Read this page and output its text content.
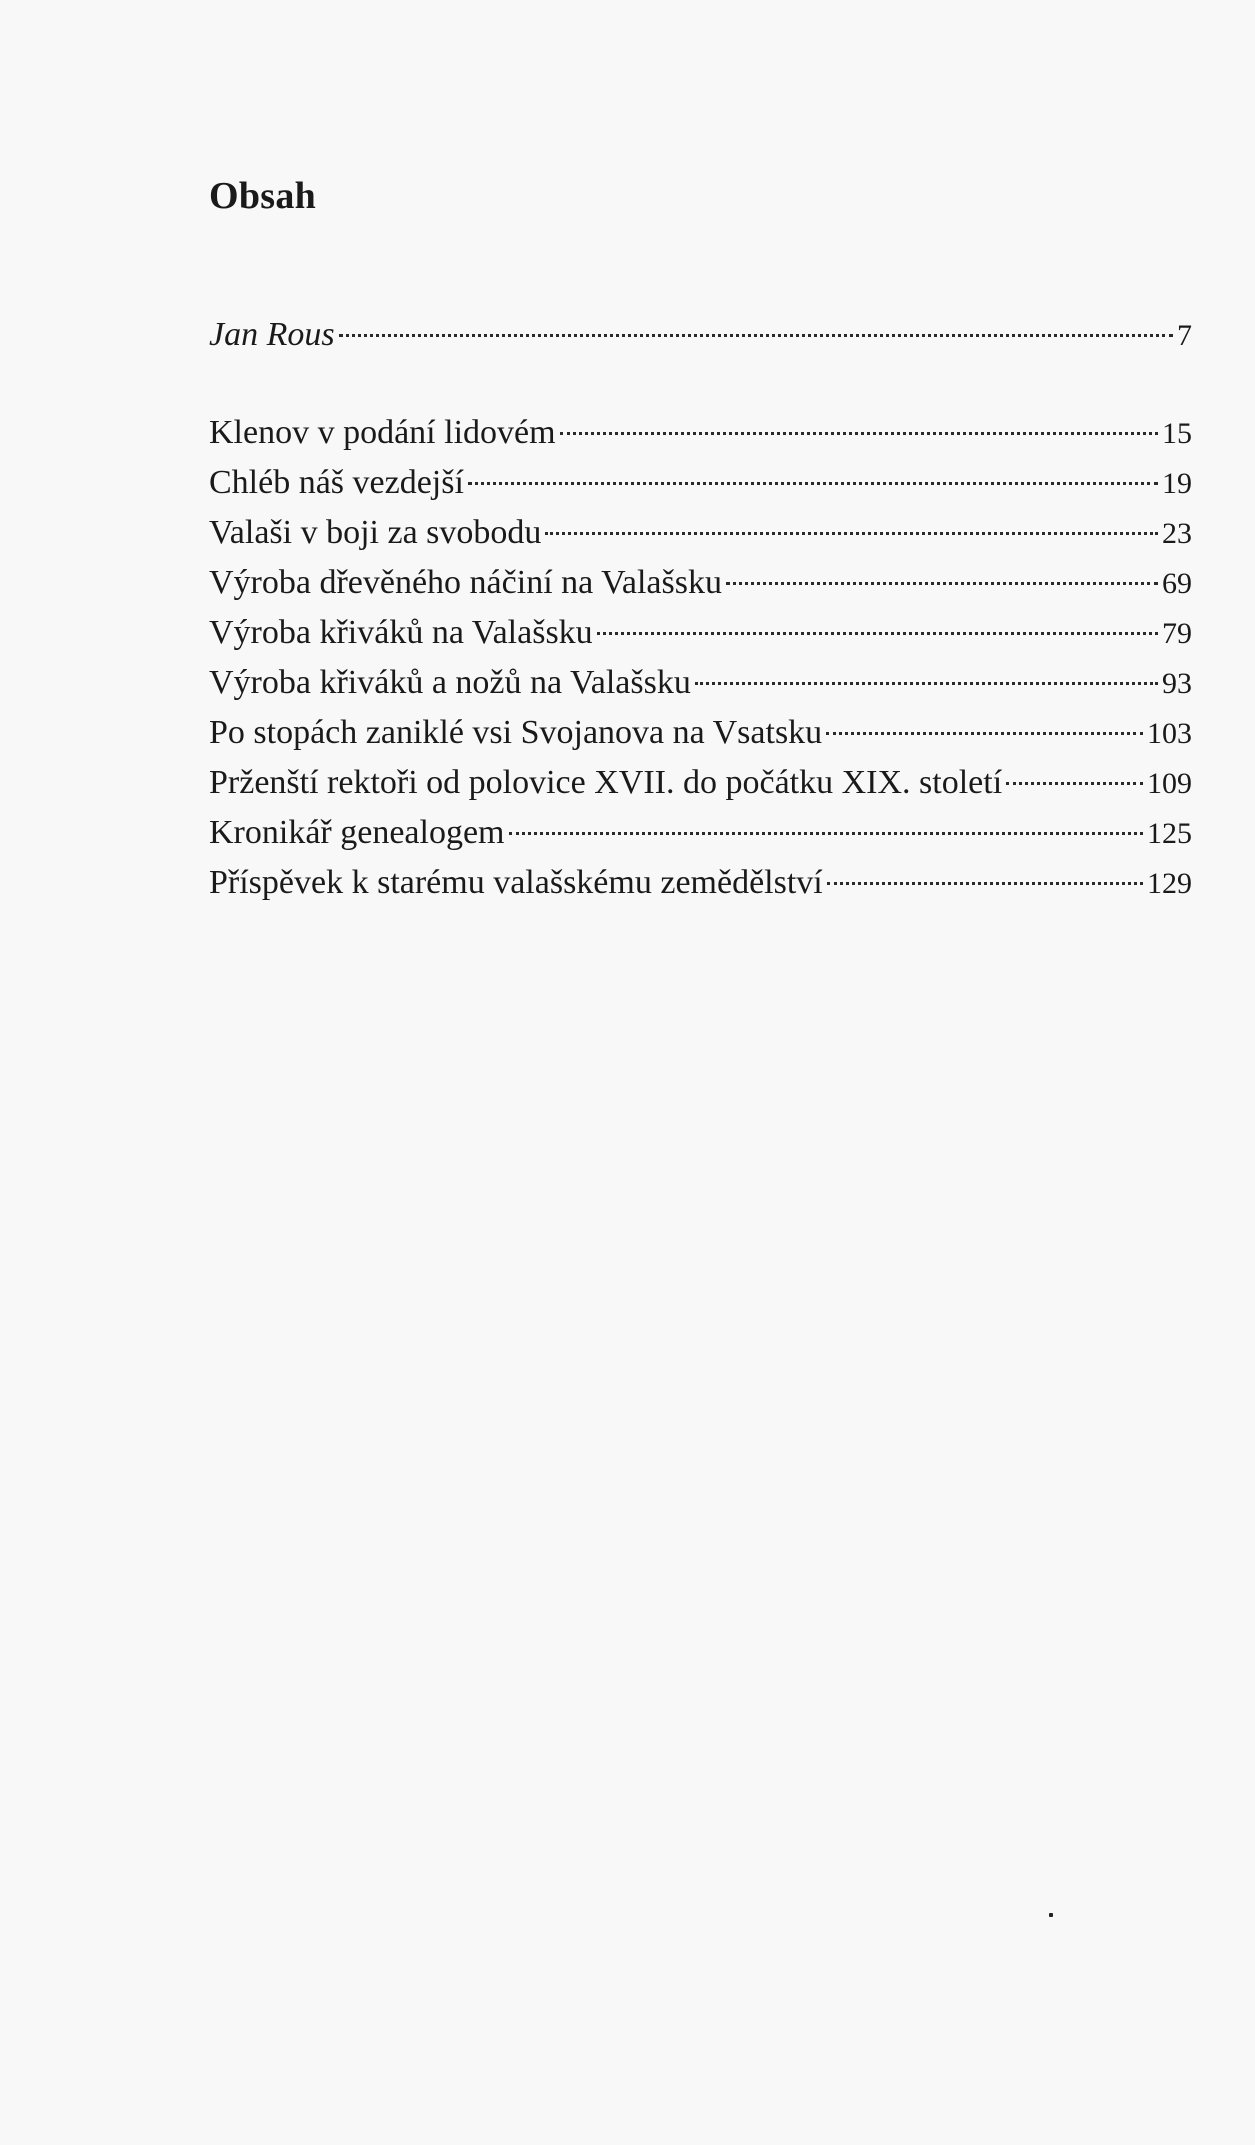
Obsah
Jan Rous	7
Klenov v podání lidovém	15
Chléb náš vezdejší	19
Valaši v boji za svobodu	23
Výroba dřevěného náčiní na Valašsku	69
Výroba křiváků na Valašsku	79
Výroba křiváků a nožů na Valašsku	93
Po stopách zaniklé vsi Svojanova na Vsatsku	103
Prženští rektoři od polovice XVII. do počátku XIX. století	109
Kronikář genealogem	125
Příspěvek k starému valašskému zemědělství	129
